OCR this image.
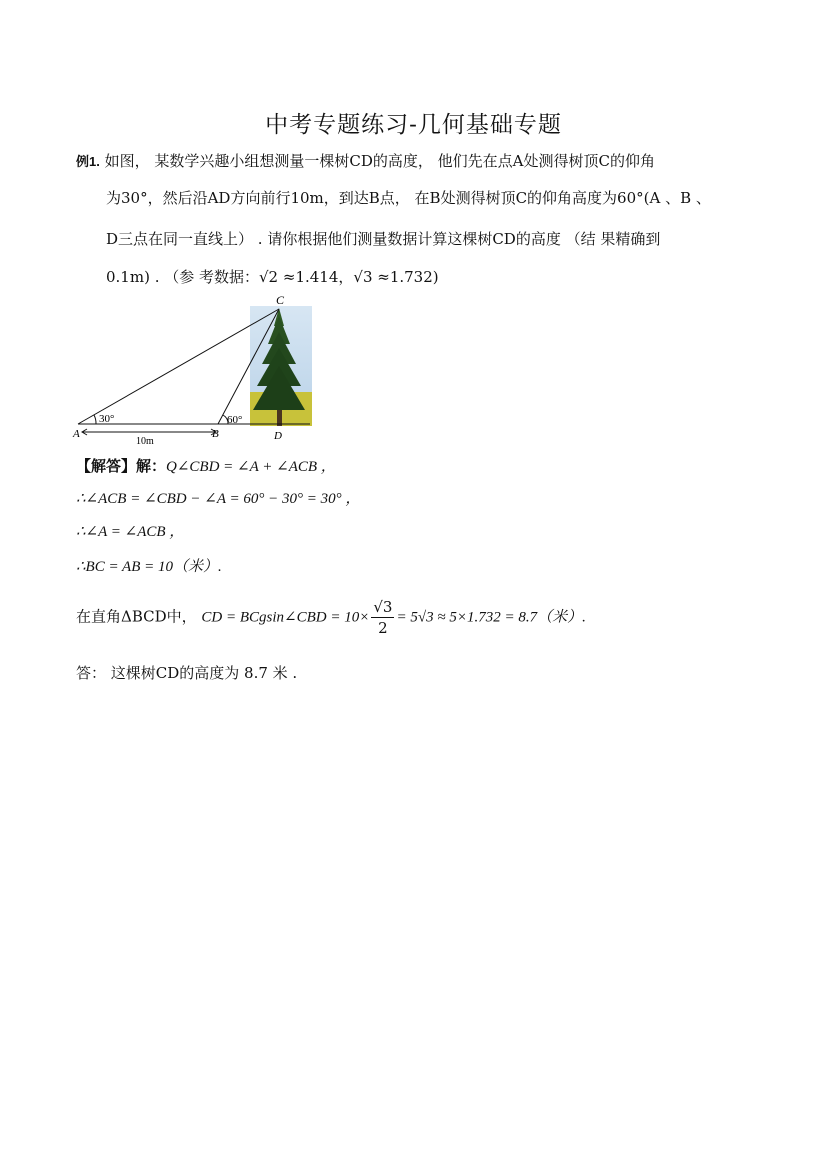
中考专题练习-几何基础专题
例1. 如图， 某数学兴趣小组想测量一棵树CD的高度， 他们先在点A处测得树顶C的仰角
为30°，然后沿AD方向前行10m，到达B点， 在B处测得树顶C的仰角高度为60°(A 、B 、
D三点在同一直线上） . 请你根据他们测量数据计算这棵树CD的高度 （结 果精确到
0.1m) . （参 考数据：√2 ≈1.414，√3 ≈1.732)
30°	60°
C
A	B	D
10m
【解答】解：Q∠CBD = ∠A + ∠ACB ，
∴∠ACB = ∠CBD − ∠A = 60° − 30° = 30° ，
∴∠A = ∠ACB ，
∴BC = AB = 10（米）.
在直角ΔBCD中， CD = BCgsin∠CBD = $10\times \frac{√3}{2} = 5√3 \approx 5\times 1.732 = 8.7$（米）.
答： 这棵树CD的高度为 8.7 米 .
